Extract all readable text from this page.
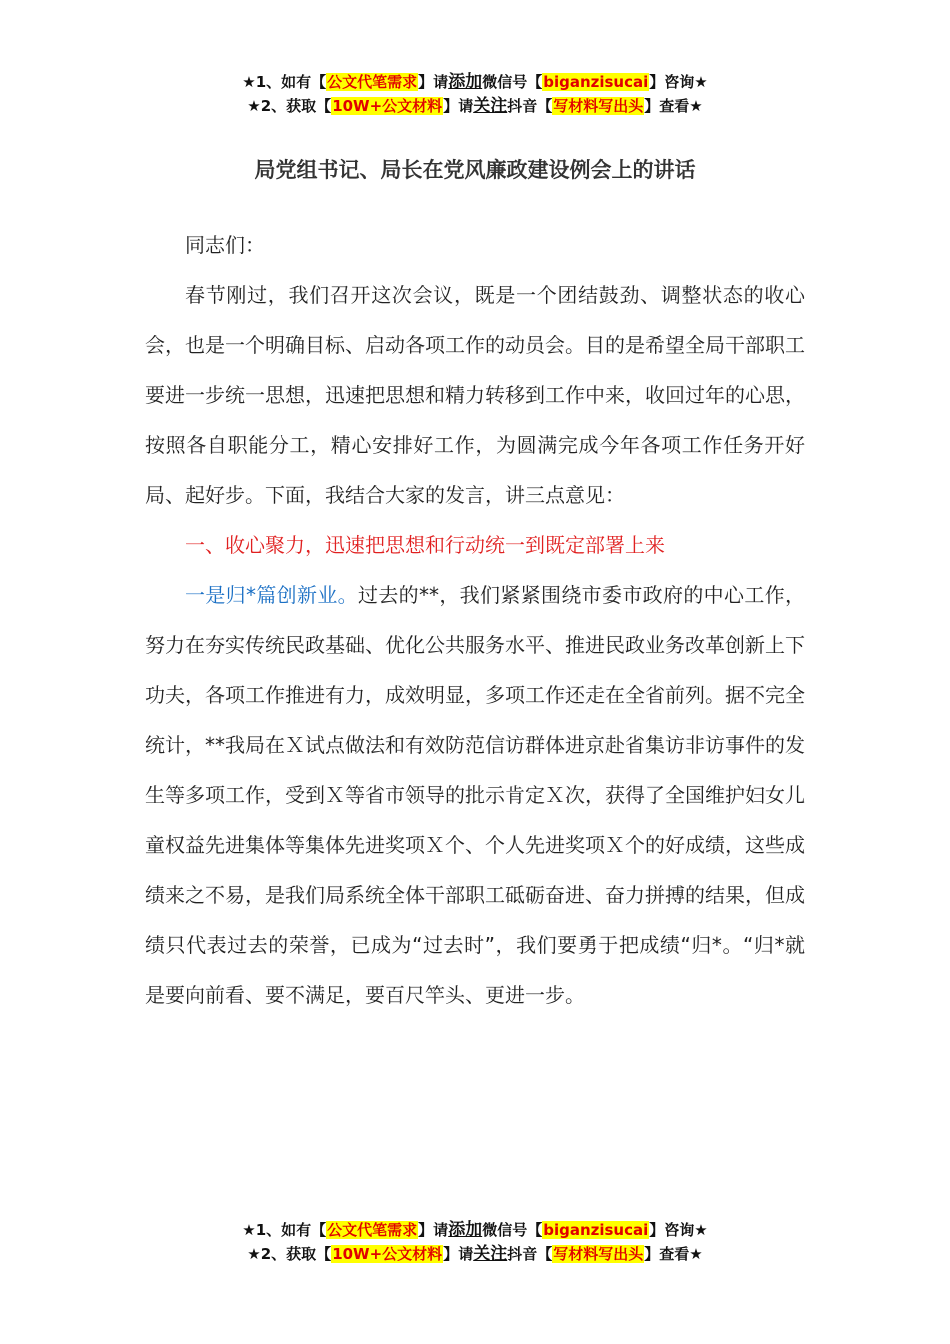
★1、如有【公文代笔需求】请添加微信号【biganzisucai】咨询★
★2、获取【10W+公文材料】请关注抖音【写材料写出头】查看★
局党组书记、局长在党风廉政建设例会上的讲话

同志们：

春节刚过，我们召开这次会议，既是一个团结鼓劲、调整状态的收心会，也是一个明确目标、启动各项工作的动员会。目的是希望全局干部职工要进一步统一思想，迅速把思想和精力转移到工作中来，收回过年的心思，按照各自职能分工，精心安排好工作，为圆满完成今年各项工作任务开好局、起好步。下面，我结合大家的发言，讲三点意见：

一、收心聚力，迅速把思想和行动统一到既定部署上来

一是归*篇创新业。过去的**，我们紧紧围绕市委市政府的中心工作，努力在夯实传统民政基础、优化公共服务水平、推进民政业务改革创新上下功夫，各项工作推进有力，成效明显，多项工作还走在全省前列。据不完全统计，**我局在Ｘ试点做法和有效防范信访群体进京赴省集访非访事件的发生等多项工作，受到Ｘ等省市领导的批示肯定Ｘ次，获得了全国维护妇女儿童权益先进集体等集体先进奖项Ｘ个、个人先进奖项Ｘ个的好成绩，这些成绩来之不易，是我们局系统全体干部职工砥砺奋进、奋力拼搏的结果，但成绩只代表过去的荣誉，已成为“过去时”，我们要勇于把成绩“归*。“归*就是要向前看、要不满足，要百尺竿头、更进一步。

★1、如有【公文代笔需求】请添加微信号【biganzisucai】咨询★
★2、获取【10W+公文材料】请关注抖音【写材料写出头】查看★
